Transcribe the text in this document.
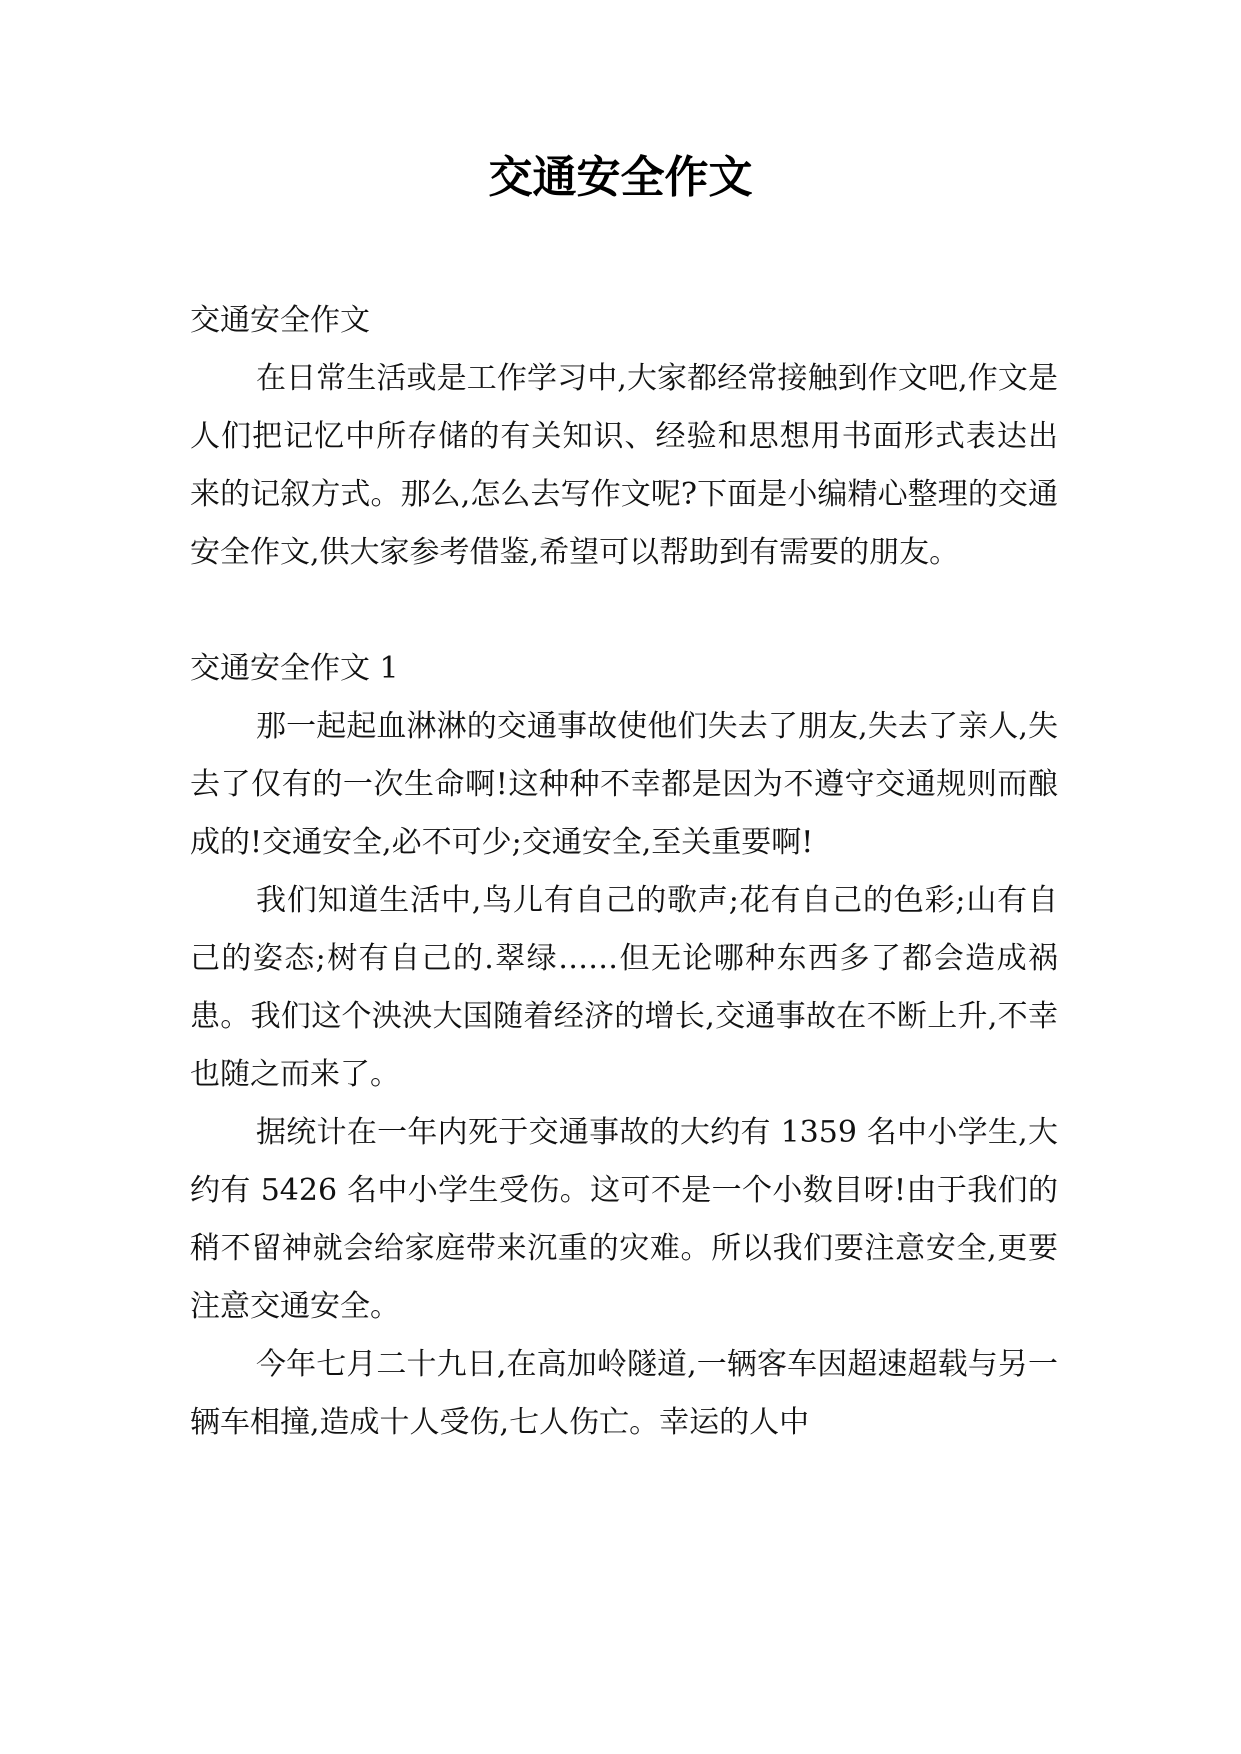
交通安全作文

交通安全作文

在日常生活或是工作学习中,大家都经常接触到作文吧,作文是人们把记忆中所存储的有关知识、经验和思想用书面形式表达出来的记叙方式。那么,怎么去写作文呢?下面是小编精心整理的交通安全作文,供大家参考借鉴,希望可以帮助到有需要的朋友。

交通安全作文 1

那一起起血淋淋的交通事故使他们失去了朋友,失去了亲人,失去了仅有的一次生命啊!这种种不幸都是因为不遵守交通规则而酿成的!交通安全,必不可少;交通安全,至关重要啊!

我们知道生活中,鸟儿有自己的歌声;花有自己的色彩;山有自己的姿态;树有自己的.翠绿……但无论哪种东西多了都会造成祸患。我们这个泱泱大国随着经济的增长,交通事故在不断上升,不幸也随之而来了。

据统计在一年内死于交通事故的大约有 1359 名中小学生,大约有 5426 名中小学生受伤。这可不是一个小数目呀!由于我们的稍不留神就会给家庭带来沉重的灾难。所以我们要注意安全,更要注意交通安全。

今年七月二十九日,在高加岭隧道,一辆客车因超速超载与另一辆车相撞,造成十人受伤,七人伤亡。幸运的人中
